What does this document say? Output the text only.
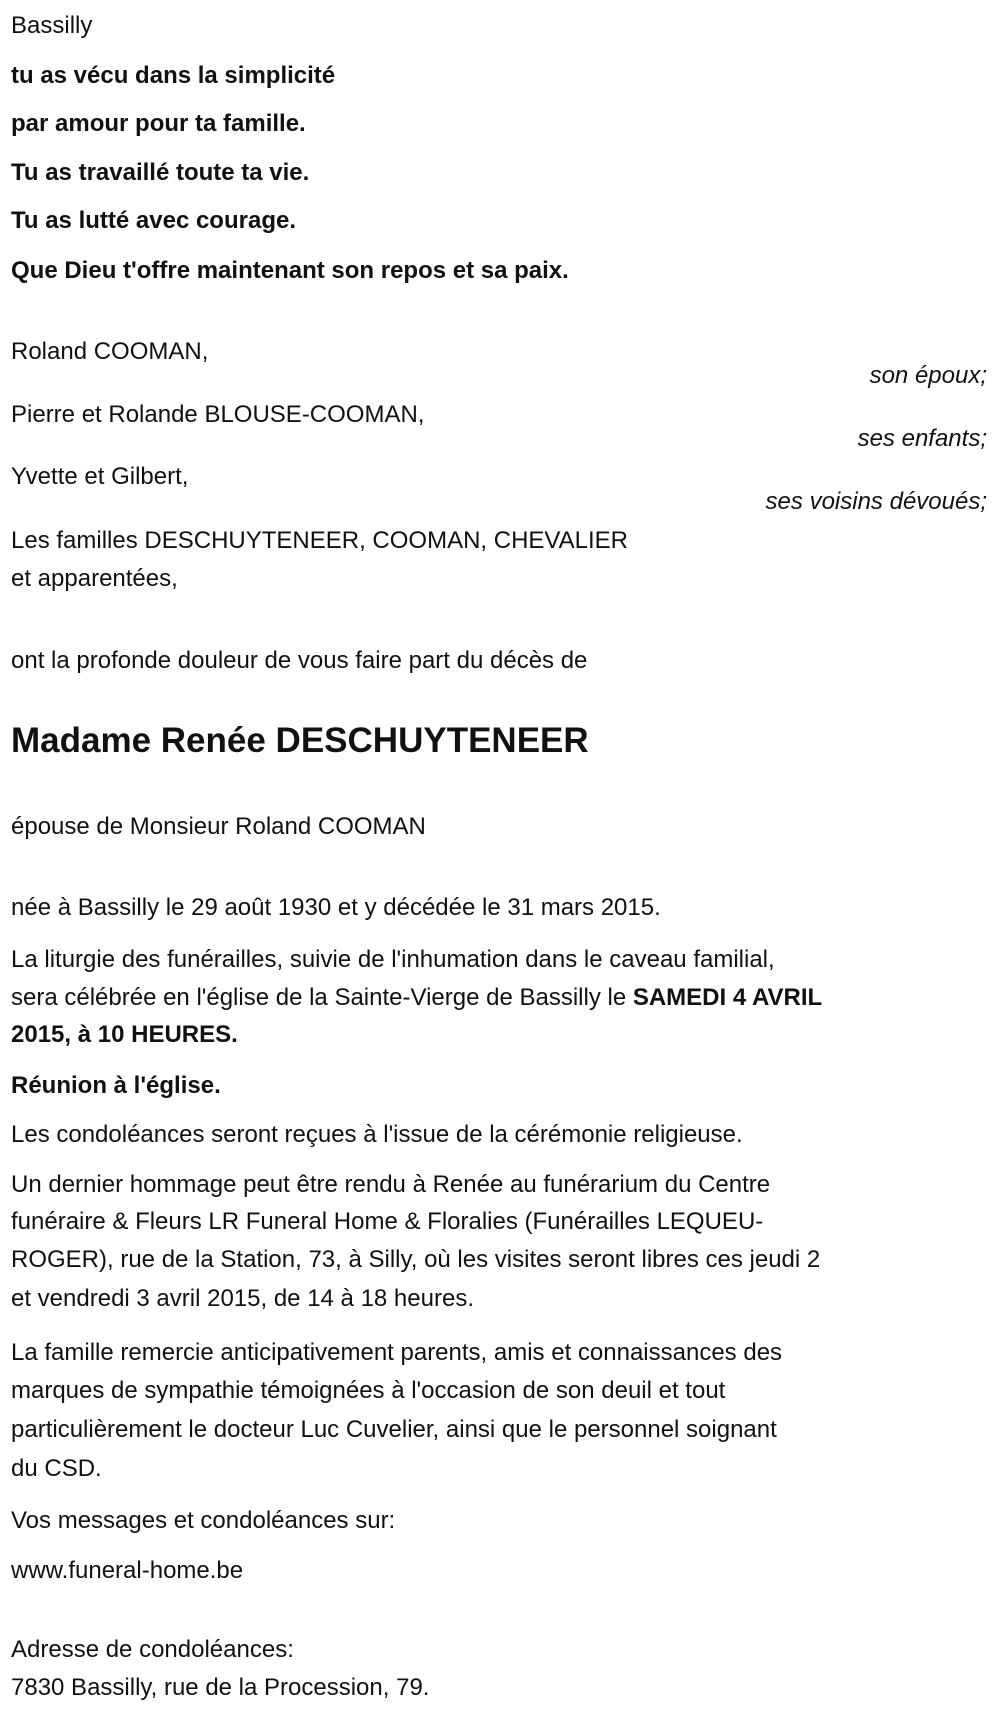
Bassilly
tu as vécu dans la simplicité
par amour pour ta famille.
Tu as travaillé toute ta vie.
Tu as lutté avec courage.
Que Dieu t'offre maintenant son repos et sa paix.
Roland COOMAN,
son époux;
Pierre et Rolande BLOUSE-COOMAN,
ses enfants;
Yvette et Gilbert,
ses voisins dévoués;
Les familles DESCHUYTENEER, COOMAN, CHEVALIER
et apparentées,
ont la profonde douleur de vous faire part du décès de
Madame Renée DESCHUYTENEER
épouse de Monsieur Roland COOMAN
née à Bassilly le 29 août 1930 et y décédée le 31 mars 2015.
La liturgie des funérailles, suivie de l'inhumation dans le caveau familial,
sera célébrée en l'église de la Sainte-Vierge de Bassilly le SAMEDI 4 AVRIL
2015, à 10 HEURES.
Réunion à l'église.
Les condoléances seront reçues à l'issue de la cérémonie religieuse.
Un dernier hommage peut être rendu à Renée au funérarium du Centre
funéraire & Fleurs LR Funeral Home & Floralies (Funérailles LEQUEU-
ROGER), rue de la Station, 73, à Silly, où les visites seront libres ces jeudi 2
et vendredi 3 avril 2015, de 14 à 18 heures.
La famille remercie anticipativement parents, amis et connaissances des
marques de sympathie témoignées à l'occasion de son deuil et tout
particulièrement le docteur Luc Cuvelier, ainsi que le personnel soignant
du CSD.
Vos messages et condoléances sur:
www.funeral-home.be
Adresse de condoléances:
7830 Bassilly, rue de la Procession, 79.
